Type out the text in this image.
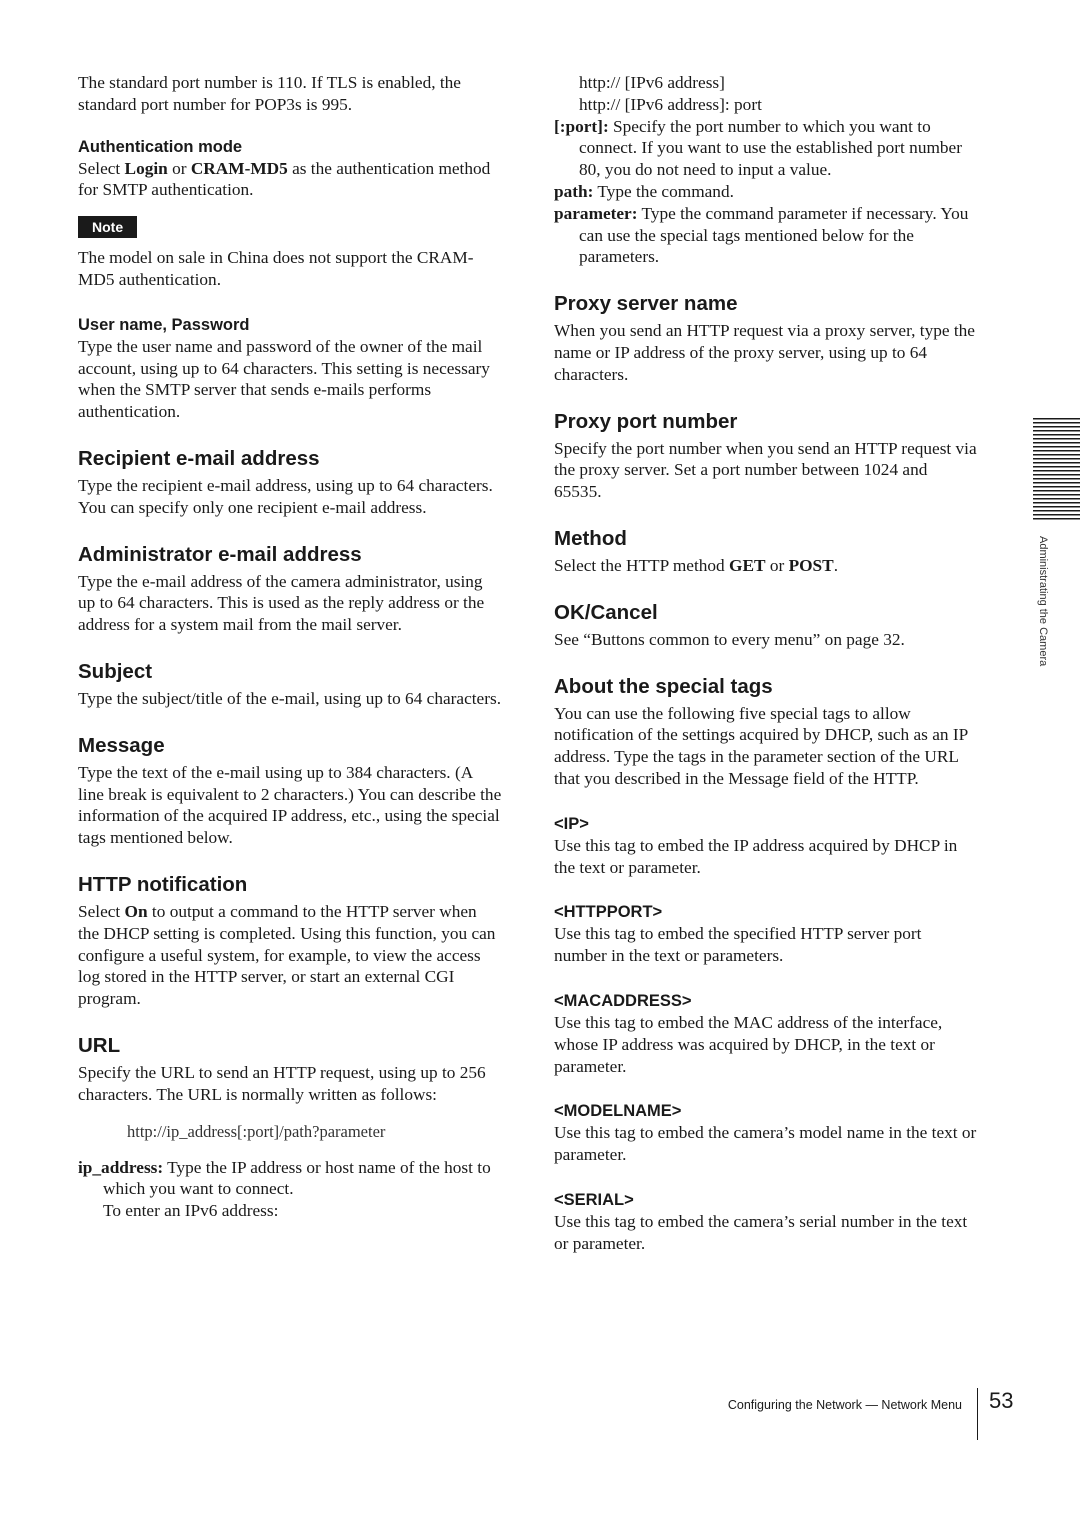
The standard port number is 110. If TLS is enabled, the standard port number for POP3s is 995.

Authentication mode

Select Login or CRAM-MD5 as the authentication method for SMTP authentication.

Note

The model on sale in China does not support the CRAM-MD5 authentication.

User name, Password

Type the user name and password of the owner of the mail account, using up to 64 characters. This setting is necessary when the SMTP server that sends e-mails performs authentication.

Recipient e-mail address

Type the recipient e-mail address, using up to 64 characters. You can specify only one recipient e-mail address.

Administrator e-mail address

Type the e-mail address of the camera administrator, using up to 64 characters. This is used as the reply address or the address for a system mail from the mail server.

Subject

Type the subject/title of the e-mail, using up to 64 characters.

Message

Type the text of the e-mail using up to 384 characters. (A line break is equivalent to 2 characters.) You can describe the information of the acquired IP address, etc., using the special tags mentioned below.

HTTP notification

Select On to output a command to the HTTP server when the DHCP setting is completed. Using this function, you can configure a useful system, for example, to view the access log stored in the HTTP server, or start an external CGI program.

URL

Specify the URL to send an HTTP request, using up to 256 characters. The URL is normally written as follows:

http://ip_address[:port]/path?parameter

ip_address: Type the IP address or host name of the host to which you want to connect.

To enter an IPv6 address:

http:// [IPv6 address]

http:// [IPv6 address]: port

[:port]: Specify the port number to which you want to connect. If you want to use the established port number 80, you do not need to input a value.

path: Type the command.

parameter: Type the command parameter if necessary. You can use the special tags mentioned below for the parameters.

Proxy server name

When you send an HTTP request via a proxy server, type the name or IP address of the proxy server, using up to 64 characters.

Proxy port number

Specify the port number when you send an HTTP request via the proxy server. Set a port number between 1024 and 65535.

Method

Select the HTTP method GET or POST.

OK/Cancel

See “Buttons common to every menu” on page 32.

About the special tags

You can use the following five special tags to allow notification of the settings acquired by DHCP, such as an IP address. Type the tags in the parameter section of the URL that you described in the Message field of the HTTP.

<IP>

Use this tag to embed the IP address acquired by DHCP in the text or parameter.

<HTTPPORT>

Use this tag to embed the specified HTTP server port number in the text or parameters.

<MACADDRESS>

Use this tag to embed the MAC address of the interface, whose IP address was acquired by DHCP, in the text or parameter.

<MODELNAME>

Use this tag to embed the camera’s model name in the text or parameter.

<SERIAL>

Use this tag to embed the camera’s serial number in the text or parameter.

Administrating the Camera
Configuring the Network — Network Menu 53
